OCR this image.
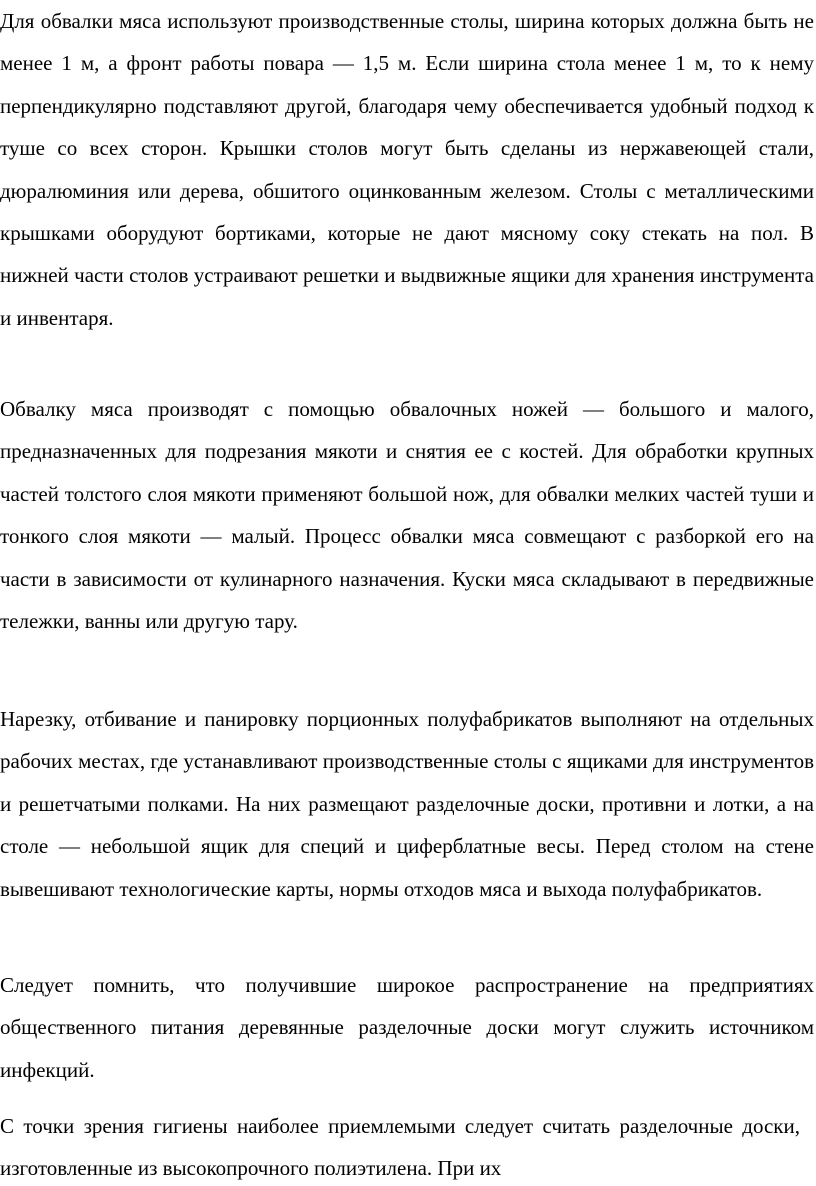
Для обвалки мяса используют производственные столы, ширина которых должна быть не менее 1 м, а фронт работы повара — 1,5 м. Если ширина стола менее 1 м, то к нему перпендикулярно подставляют другой, благодаря чему обеспечивается удобный подход к туше со всех сторон. Крышки столов могут быть сделаны из нержавеющей стали, дюралюминия или дерева, обшитого оцинкованным железом. Столы с металлическими крышками оборудуют бортиками, которые не дают мясному соку стекать на пол. В нижней части столов устраивают решетки и выдвижные ящики для хранения инструмента и инвентаря.

Обвалку мяса производят с помощью обвалочных ножей — большого и малого, предназначенных для подрезания мякоти и снятия ее с костей. Для обработки крупных частей толстого слоя мякоти применяют большой нож, для обвалки мелких частей туши и тонкого слоя мякоти — малый. Процесс обвалки мяса совмещают с разборкой его на части в зависимости от кулинарного назначения. Куски мяса складывают в передвижные тележки, ванны или другую тару.

Нарезку, отбивание и панировку порционных полуфабрикатов выполняют на отдельных рабочих местах, где устанавливают производственные столы с ящиками для инструментов и решетчатыми полками. На них размещают разделочные доски, противни и лотки, а на столе — небольшой ящик для специй и циферблатные весы. Перед столом на стене вывешивают технологические карты, нормы отходов мяса и выхода полуфабрикатов.

Следует помнить, что получившие широкое распространение на предприятиях общественного питания деревянные разделочные доски могут служить источником инфекций.

С точки зрения гигиены наиболее приемлемыми следует считать разделочные доски, изготовленные из высокопрочного полиэтилена. При их
